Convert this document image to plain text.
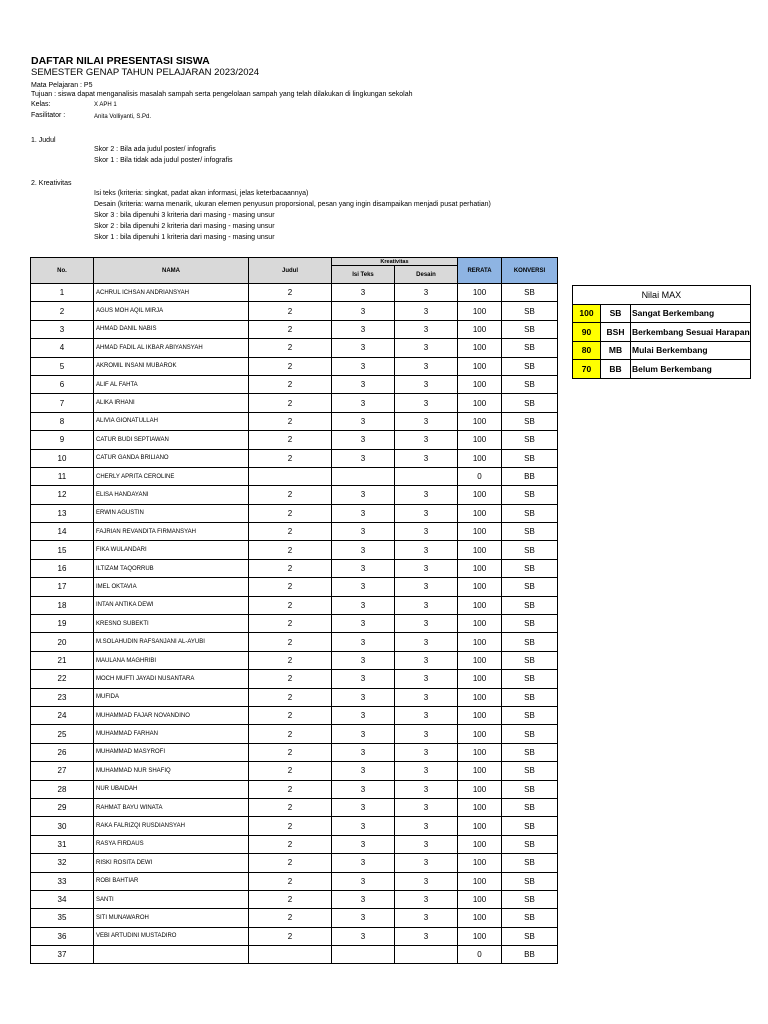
DAFTAR NILAI PRESENTASI SISWA
SEMESTER GENAP TAHUN PELAJARAN 2023/2024
Mata Pelajaran : P5
Tujuan : siswa dapat menganalisis masalah sampah serta pengelolaan sampah yang telah dilakukan di lingkungan sekolah
Kelas:	X APH 1
Fasilitator :	Anita Volliyanti, S.Pd.
1. Judul
Skor 2 : Bila ada judul poster/ infografis
Skor 1 : Bila tidak ada judul poster/ infografis
2. Kreativitas
Isi teks (kriteria: singkat, padat akan informasi, jelas keterbacaannya)
Desain (kriteria: warna menarik, ukuran elemen penyusun proporsional, pesan yang ingin disampaikan menjadi pusat perhatian)
Skor 3 : bila dipenuhi 3 kriteria dari masing - masing unsur
Skor 2 : bila dipenuhi 2 kriteria dari masing - masing unsur
Skor 1 : bila dipenuhi 1 kriteria dari masing - masing unsur
No.	NAMA	Judul	Kreativitas		RERATA	KONVERSI
			Isi Teks	Desain		
1	ACHRUL ICHSAN ANDRIANSYAH	2	3	3	100	SB
2	AGUS MOH AQIL MIRJA	2	3	3	100	SB
3	AHMAD DANIL NABIS	2	3	3	100	SB
4	AHMAD FADIL AL IKBAR ABIYANSYAH	2	3	3	100	SB
5	AKROMIL INSANI MUBAROK	2	3	3	100	SB
6	ALIF AL FAHTA	2	3	3	100	SB
7	ALIKA IRHANI	2	3	3	100	SB
8	ALIVIA GIONATULLAH	2	3	3	100	SB
9	CATUR BUDI SEPTIAWAN	2	3	3	100	SB
10	CATUR GANDA BRILIANO	2	3	3	100	SB
11	CHERLY APRITA CEROLINE				0	BB
12	ELISA HANDAYANI	2	3	3	100	SB
13	ERWIN AGUSTIN	2	3	3	100	SB
14	FAJRIAN REVANDITA FIRMANSYAH	2	3	3	100	SB
15	FIKA WULANDARI	2	3	3	100	SB
16	ILTIZAM TAQORRUB	2	3	3	100	SB
17	IMEL OKTAVIA	2	3	3	100	SB
18	INTAN ANTIKA DEWI	2	3	3	100	SB
19	KRESNO SUBEKTI	2	3	3	100	SB
20	M.SOLAHUDIN RAFSANJANI AL-AYUBI	2	3	3	100	SB
21	MAULANA MAGHRIBI	2	3	3	100	SB
22	MOCH MUFTI JAYADI NUSANTARA	2	3	3	100	SB
23	MUFIDA	2	3	3	100	SB
24	MUHAMMAD FAJAR NOVANDINO	2	3	3	100	SB
25	MUHAMMAD FARHAN	2	3	3	100	SB
26	MUHAMMAD MASYROFI	2	3	3	100	SB
27	MUHAMMAD NUR SHAFIQ	2	3	3	100	SB
28	NUR UBAIDAH	2	3	3	100	SB
29	RAHMAT BAYU WINATA	2	3	3	100	SB
30	RAKA FALRIZQI RUSDIANSYAH	2	3	3	100	SB
31	RASYA FIRDAUS	2	3	3	100	SB
32	RISKI ROSITA DEWI	2	3	3	100	SB
33	ROBI BAHTIAR	2	3	3	100	SB
34	SANTI	2	3	3	100	SB
35	SITI MUNAWAROH	2	3	3	100	SB
36	VEBI ARTUDINI MUSTADIRO	2	3	3	100	SB
37					0	BB
Nilai MAX		
100	SB	Sangat Berkembang
90	BSH	Berkembang Sesuai Harapan
80	MB	Mulai Berkembang
70	BB	Belum Berkembang
